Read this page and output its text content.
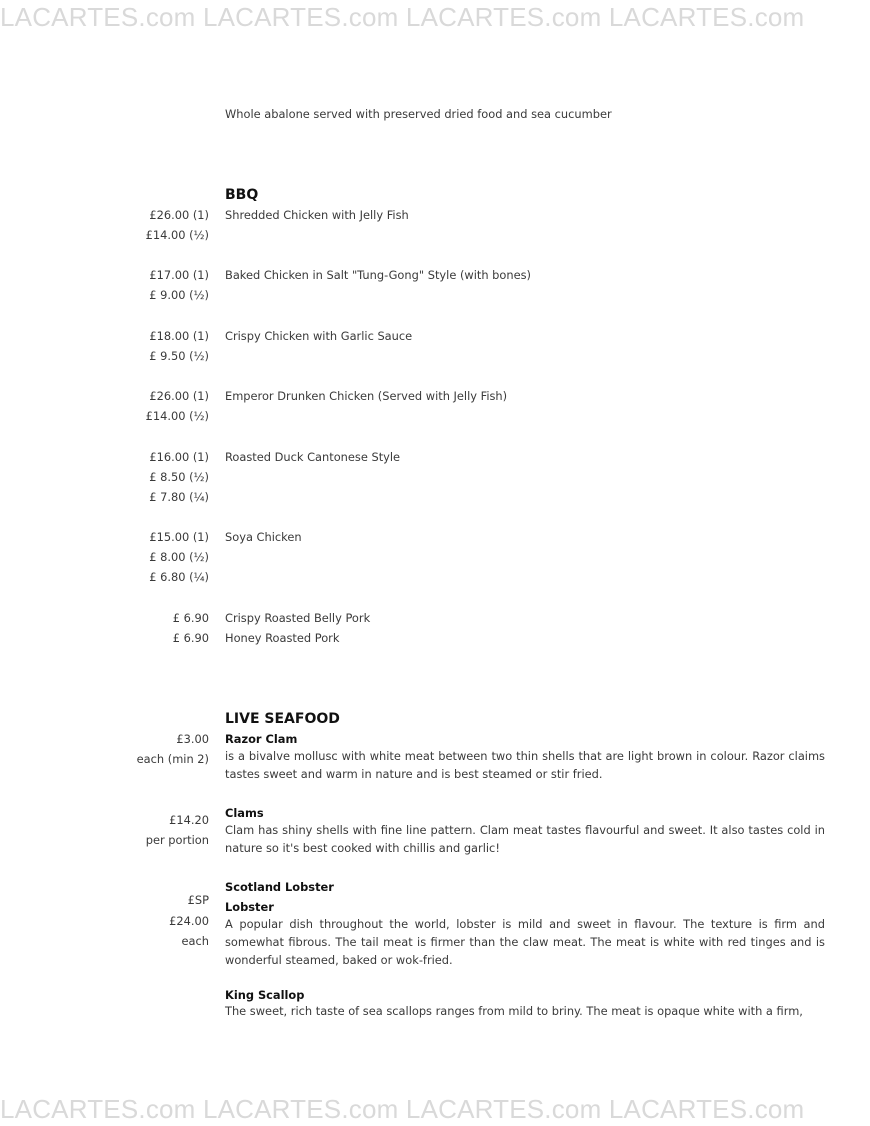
LACARTES.com LACARTES.com LACARTES.com LACARTES.com
Whole abalone served with preserved dried food and sea cucumber
BBQ
£26.00 (1)
£14.00 (½)
Shredded Chicken with Jelly Fish
£17.00 (1)
£ 9.00 (½)
Baked Chicken in Salt "Tung-Gong" Style (with bones)
£18.00 (1)
£ 9.50 (½)
Crispy Chicken with Garlic Sauce
£26.00 (1)
£14.00 (½)
Emperor Drunken Chicken (Served with Jelly Fish)
£16.00 (1)
£ 8.50 (½)
£ 7.80 (¼)
Roasted Duck Cantonese Style
£15.00 (1)
£ 8.00 (½)
£ 6.80 (¼)
Soya Chicken
£ 6.90 Crispy Roasted Belly Pork
£ 6.90 Honey Roasted Pork
LIVE SEAFOOD
£3.00
each (min 2)
Razor Clam
is a bivalve mollusc with white meat between two thin shells that are light brown in colour. Razor claims tastes sweet and warm in nature and is best steamed or stir fried.
£14.20
per portion
Clams
Clam has shiny shells with fine line pattern. Clam meat tastes flavourful and sweet. It also tastes cold in nature so it's best cooked with chillis and garlic!
Scotland Lobster
£SP
£24.00
each
Lobster
A popular dish throughout the world, lobster is mild and sweet in flavour. The texture is firm and somewhat fibrous. The tail meat is firmer than the claw meat. The meat is white with red tinges and is wonderful steamed, baked or wok-fried.
King Scallop
The sweet, rich taste of sea scallops ranges from mild to briny. The meat is opaque white with a firm,
LACARTES.com LACARTES.com LACARTES.com LACARTES.com
